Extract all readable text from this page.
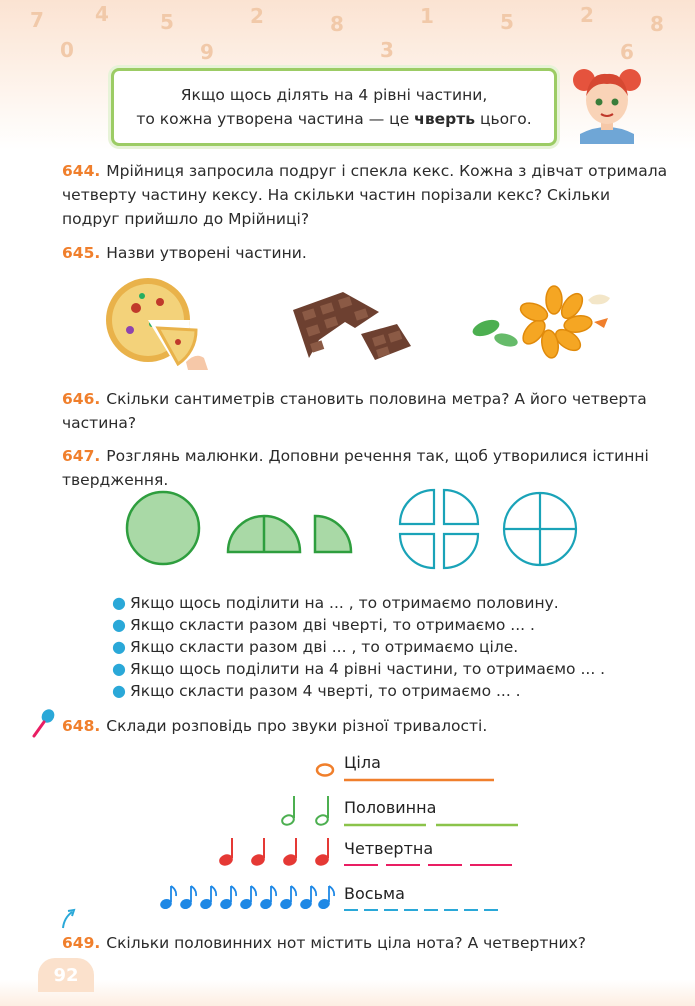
7	4	5	2	8	1	5	2	8
0	9	3	6
Якщо щось ділять на 4 рівні частини,
то кожна утворена частина — це чверть цього.
644. Мрійниця запросила подруг і спекла кекс. Кожна з дівчат отримала четверту частину кексу. На скільки частин порізали кекс? Скільки подруг прийшло до Мрійниці?
645. Назви утворені частини.
646. Скільки сантиметрів становить половина метра? А його четверта частина?
647. Розглянь малюнки. Доповни речення так, щоб утворилися істинні твердження.
● Якщо щось поділити на ... , то отримаємо половину.
● Якщо скласти разом дві чверті, то отримаємо ... .
● Якщо скласти разом дві ... , то отримаємо ціле.
● Якщо щось поділити на 4 рівні частини, то отримаємо ... .
● Якщо скласти разом 4 чверті, то отримаємо ... .
648. Склади розповідь про звуки різної тривалості.
Ціла
Половинна
Четвертна
Восьма
649. Скільки половинних нот містить ціла нота? А четвертних?
92
